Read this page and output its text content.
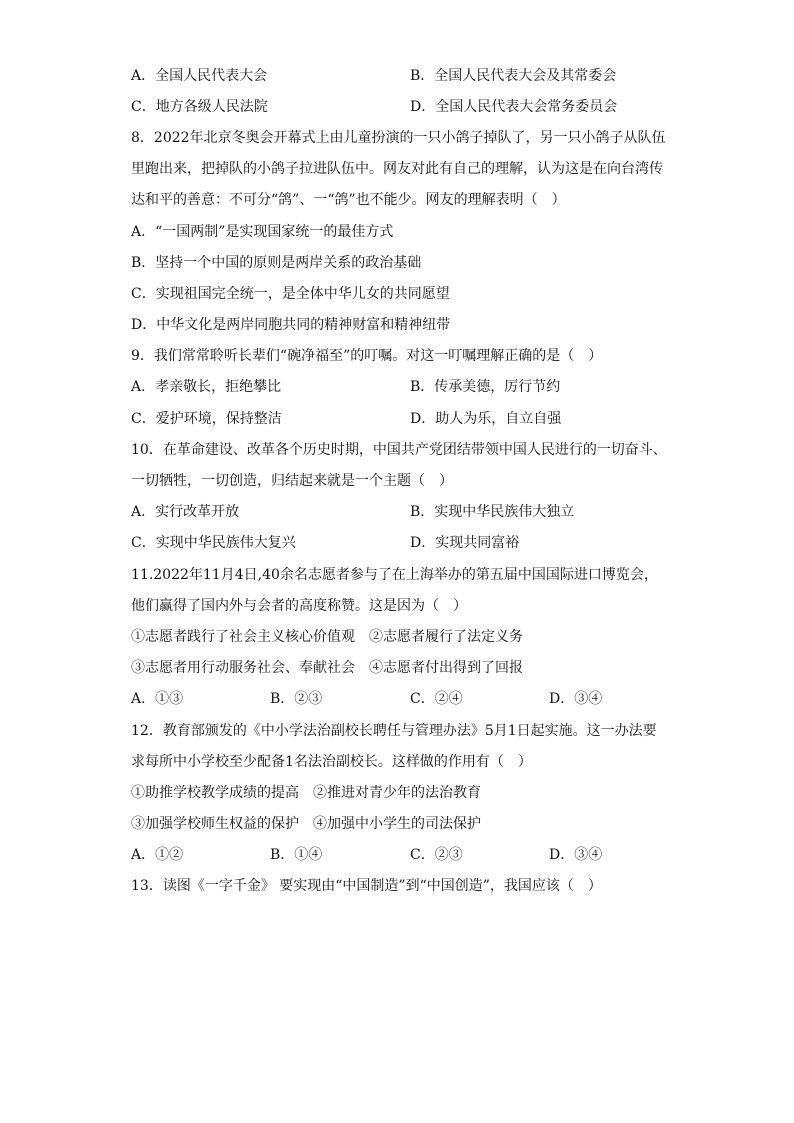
A．全国人民代表大会	B．全国人民代表大会及其常委会
C．地方各级人民法院	D．全国人民代表大会常务委员会
8．2022年北京冬奥会开幕式上由儿童扮演的一只小鸽子掉队了，另一只小鸽子从队伍
里跑出来，把掉队的小鸽子拉进队伍中。网友对此有自己的理解，认为这是在向台湾传
达和平的善意：不可分“鸽”、一“鸽”也不能少。网友的理解表明（　）
A．“一国两制”是实现国家统一的最佳方式
B．坚持一个中国的原则是两岸关系的政治基础
C．实现祖国完全统一，是全体中华儿女的共同愿望
D．中华文化是两岸同胞共同的精神财富和精神纽带
9．我们常常聆听长辈们“碗净福至”的叮嘱。对这一叮嘱理解正确的是（　）
A．孝亲敬长，拒绝攀比	B．传承美德，厉行节约
C．爱护环境，保持整洁	D．助人为乐，自立自强
10．在革命建设、改革各个历史时期，中国共产党团结带领中国人民进行的一切奋斗、
一切牺牲，一切创造，归结起来就是一个主题（　）
A．实行改革开放	B．实现中华民族伟大独立
C．实现中华民族伟大复兴	D．实现共同富裕
11.2022年11月4日,40余名志愿者参与了在上海举办的第五届中国国际进口博览会，
他们赢得了国内外与会者的高度称赞。这是因为（　）
①志愿者践行了社会主义核心价值观　②志愿者履行了法定义务
③志愿者用行动服务社会、奉献社会　④志愿者付出得到了回报
A．①③	B．②③	C．②④	D．③④
12．教育部颁发的《中小学法治副校长聘任与管理办法》5月1日起实施。这一办法要
求每所中小学校至少配备1名法治副校长。这样做的作用有（　）
①助推学校教学成绩的提高　②推进对青少年的法治教育
③加强学校师生权益的保护　④加强中小学生的司法保护
A．①②	B．①④	C．②③	D．③④
13．读图《一字千金》 要实现由“中国制造”到“中国创造”，我国应该（　）
